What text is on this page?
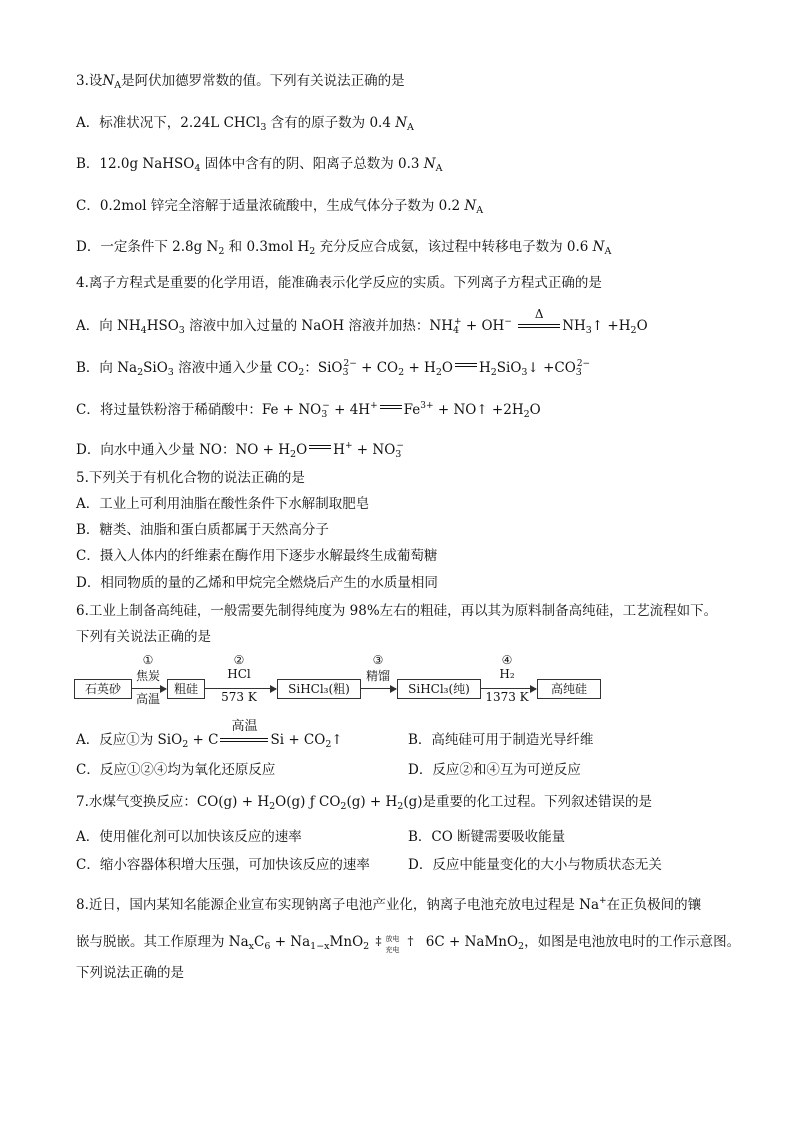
3.设$N_A$是阿伏加德罗常数的值。下列有关说法正确的是
A．标准状况下，2.24L CHCl$_3$ 含有的原子数为 0.4 $N_A$
B．12.0g NaHSO$_4$ 固体中含有的阴、阳离子总数为 0.3 $N_A$
C．0.2mol 锌完全溶解于适量浓硫酸中，生成气体分子数为 0.2 $N_A$
D．一定条件下 2.8g $N_2$ 和 0.3mol $H_2$ 充分反应合成氨，该过程中转移电子数为 0.6 $N_A$
4.离子方程式是重要的化学用语，能准确表示化学反应的实质。下列离子方程式正确的是
A．向 $NH_4HSO_3$ 溶液中加入过量的 NaOH 溶液并加热：$NH_4^+ + OH^-$
Δ
$NH_3↑ +H_2O$
B．向 $Na_2SiO_3$ 溶液中通入少量 $CO_2$：$SiO_3^{2-} + CO_2 + H_2O$ $H_2SiO_3↓ +CO_3^{2-}$
C．将过量铁粉溶于稀硝酸中：$Fe + NO_3^- + 4H^+$ $Fe^{3+}$ + NO↑ $+2H_2O$
D．向水中通入少量 NO：NO + $H_2O$ $H^+ + NO_3^-$
5.下列关于有机化合物的说法正确的是
A．工业上可利用油脂在酸性条件下水解制取肥皂
B．糖类、油脂和蛋白质都属于天然高分子
C．摄入人体内的纤维素在酶作用下逐步水解最终生成葡萄糖
D．相同物质的量的乙烯和甲烷完全燃烧后产生的水质量相同
6.工业上制备高纯硅，一般需要先制得纯度为 98%左右的粗硅，再以其为原料制备高纯硅，工艺流程如下。
下列有关说法正确的是
石英砂
①
焦炭
高温
粗硅
②
HCl
573 K
SiHCl₃(粗)
③
精馏
SiHCl₃(纯)
④
H₂
1373 K
高纯硅
A．反应①为 SiO$_2$ + C
高温
$Si + CO_2↑$	B．高纯硅可用于制造光导纤维
C．反应①②④均为氧化还原反应	D．反应②和④互为可逆反应
7.水煤气变换反应：$CO(g) + H_2O(g)$ ƒ $CO_2(g) + H_2(g)$是重要的化工过程。下列叙述错误的是
A．使用催化剂可以加快该反应的速率	B．CO 断键需要吸收能量
C．缩小容器体积增大压强，可加快该反应的速率	D．反应中能量变化的大小与物质状态无关
8.近日，国内某知名能源企业宣布实现钠离子电池产业化，钠离子电池充放电过程是 Na+在正负极间的镶
嵌与脱嵌。其工作原理为 $Na_xC_6 + Na_{1-x}MnO_2$ ‡ 放电
充电
† 6C + NaMnO$_2$，如图是电池放电时的工作示意图。
下列说法正确的是
